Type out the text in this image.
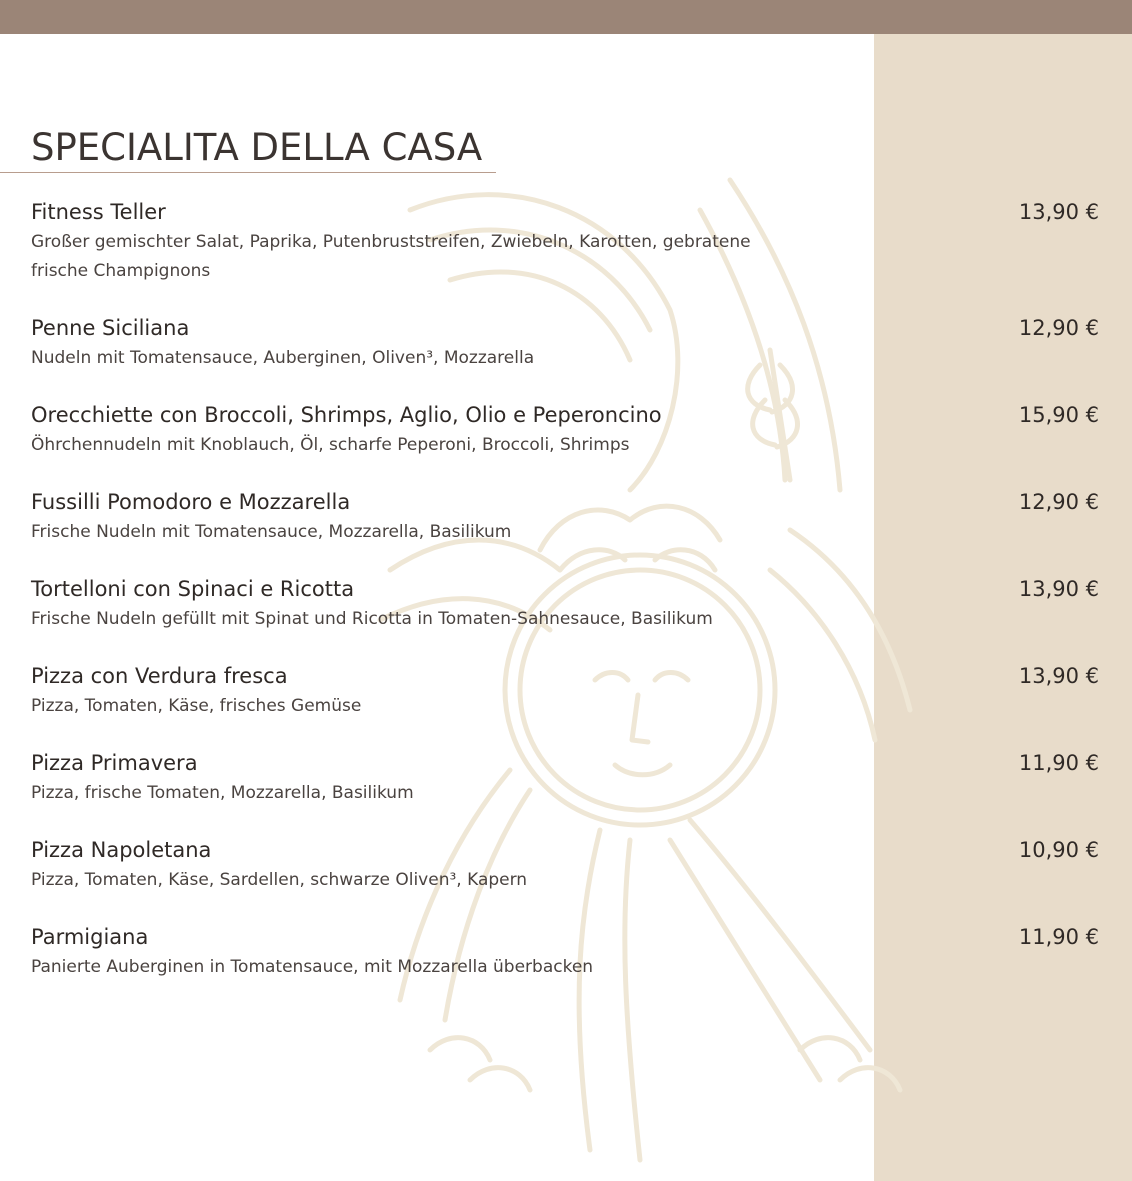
SPECIALITA DELLA CASA
Fitness Teller
Großer gemischter Salat, Paprika, Putenbruststreifen, Zwiebeln, Karotten, gebratene frische Champignons
13,90 €
Penne Siciliana
Nudeln mit Tomatensauce, Auberginen, Oliven³, Mozzarella
12,90 €
Orecchiette con Broccoli, Shrimps, Aglio, Olio e Peperoncino
Öhrchennudeln mit Knoblauch, Öl, scharfe Peperoni, Broccoli, Shrimps
15,90 €
Fussilli Pomodoro e Mozzarella
Frische Nudeln mit Tomatensauce, Mozzarella, Basilikum
12,90 €
Tortelloni con Spinaci e Ricotta
Frische Nudeln gefüllt mit Spinat und Ricotta in Tomaten-Sahnesauce, Basilikum
13,90 €
Pizza con Verdura fresca
Pizza, Tomaten, Käse, frisches Gemüse
13,90 €
Pizza Primavera
Pizza, frische Tomaten, Mozzarella, Basilikum
11,90 €
Pizza Napoletana
Pizza, Tomaten, Käse, Sardellen, schwarze Oliven³, Kapern
10,90 €
Parmigiana
Panierte Auberginen in Tomatensauce, mit Mozzarella überbacken
11,90 €
